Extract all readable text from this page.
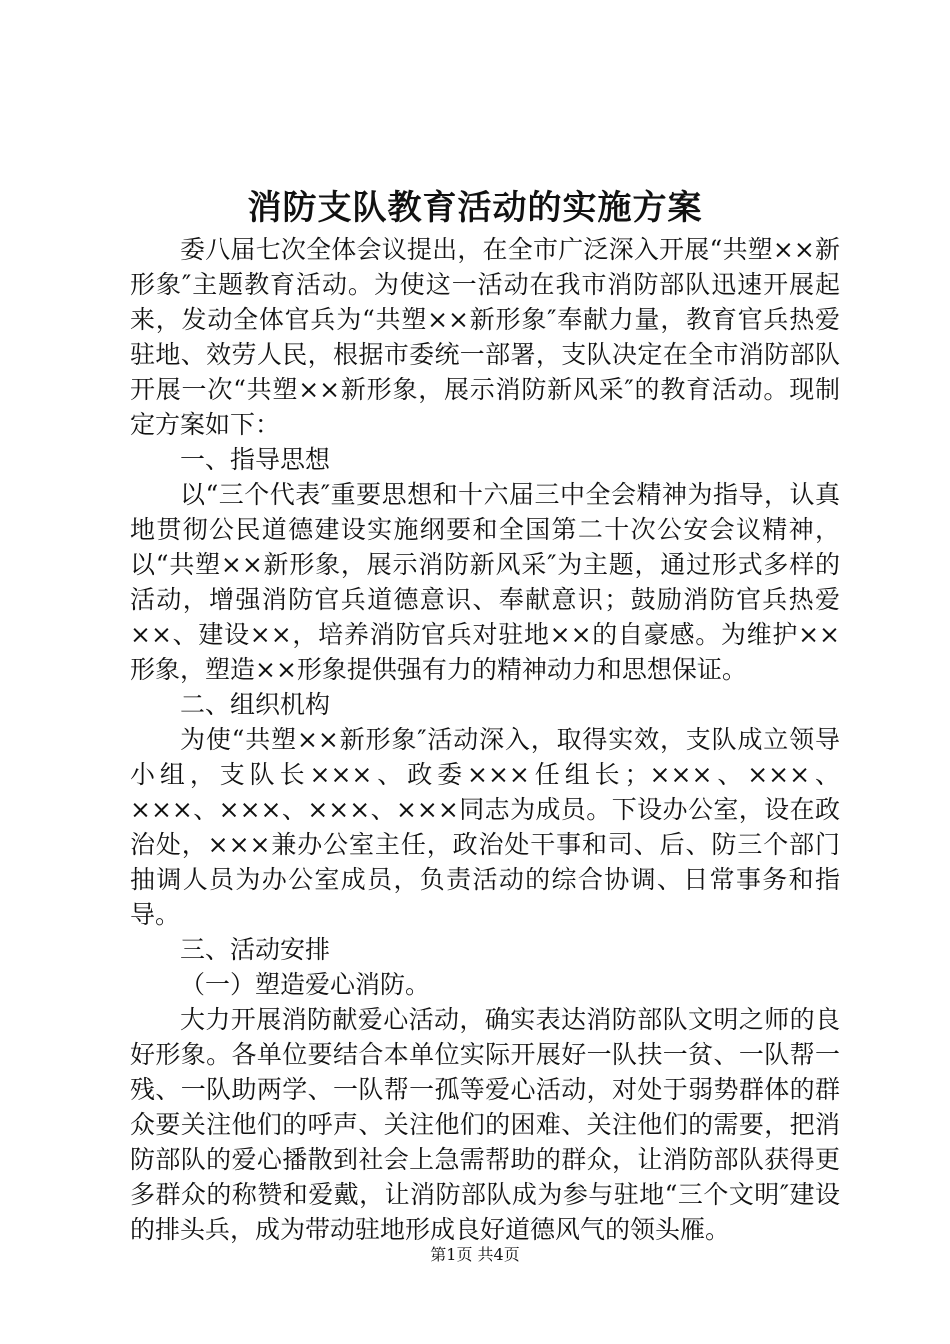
消防支队教育活动的实施方案

委八届七次全体会议提出，在全市广泛深入开展“共塑××新形象″主题教育活动。为使这一活动在我市消防部队迅速开展起来，发动全体官兵为“共塑××新形象″奉献力量，教育官兵热爱驻地、效劳人民，根据市委统一部署，支队决定在全市消防部队开展一次“共塑××新形象，展示消防新风采″的教育活动。现制定方案如下：

一、指导思想

以“三个代表″重要思想和十六届三中全会精神为指导，认真地贯彻公民道德建设实施纲要和全国第二十次公安会议精神，以“共塑××新形象，展示消防新风采″为主题，通过形式多样的活动，增强消防官兵道德意识、奉献意识；鼓励消防官兵热爱××、建设××，培养消防官兵对驻地××的自豪感。为维护××形象，塑造××形象提供强有力的精神动力和思想保证。

二、组织机构

为使“共塑××新形象″活动深入，取得实效，支队成立领导小组，支队长×××、政委×××任组长；×××、×××、×××、×××、×××、×××同志为成员。下设办公室，设在政治处，×××兼办公室主任，政治处干事和司、后、防三个部门抽调人员为办公室成员，负责活动的综合协调、日常事务和指导。

三、活动安排

（一）塑造爱心消防。

大力开展消防献爱心活动，确实表达消防部队文明之师的良好形象。各单位要结合本单位实际开展好一队扶一贫、一队帮一残、一队助两学、一队帮一孤等爱心活动，对处于弱势群体的群众要关注他们的呼声、关注他们的困难、关注他们的需要，把消防部队的爱心播散到社会上急需帮助的群众，让消防部队获得更多群众的称赞和爱戴，让消防部队成为参与驻地“三个文明″建设的排头兵，成为带动驻地形成良好道德风气的领头雁。

第1页 共4页
